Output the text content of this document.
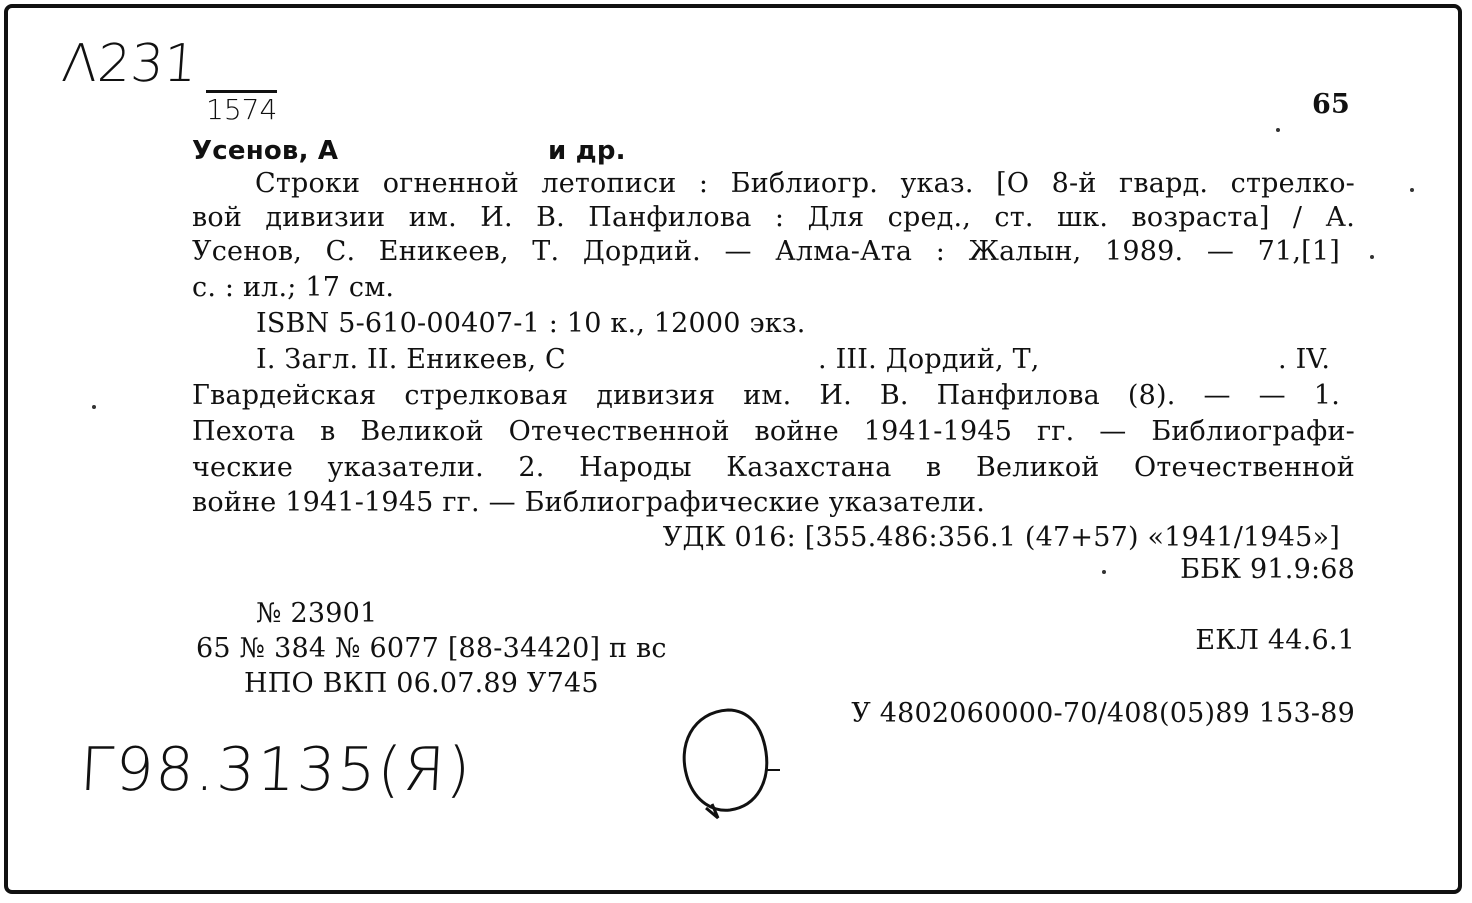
Λ231
1574
Г98.3135(Я)
65
Усенов, А	и др.
Строки огненной летописи : Библиогр. указ. [О 8-й гвард. стрелко-
вой дивизии им. И. В. Панфилова : Для сред., ст. шк. возраста] / А.
Усенов, С. Еникеев, Т. Дордий. — Алма-Ата : Жалын, 1989. — 71,[1]
с. : ил.; 17 см.
ISBN 5-610-00407-1 : 10 к., 12000 экз.
I. Загл. II. Еникеев, С	. III. Дордий, Т,	. IV.
Гвардейская стрелковая дивизия им. И. В. Панфилова (8). — — 1.
Пехота в Великой Отечественной войне 1941-1945 гг. — Библиографи-
ческие указатели. 2. Народы Казахстана в Великой Отечественной
войне 1941-1945 гг. — Библиографические указатели.
УДК 016: [355.486:356.1 (47+57) «1941/1945»]
ББК 91.9:68
№ 23901
65 № 384 № 6077 [88-34420] п вс
НПО ВКП 06.07.89 У745
ЕКЛ 44.6.1
У 4802060000-70/408(05)89 153-89
